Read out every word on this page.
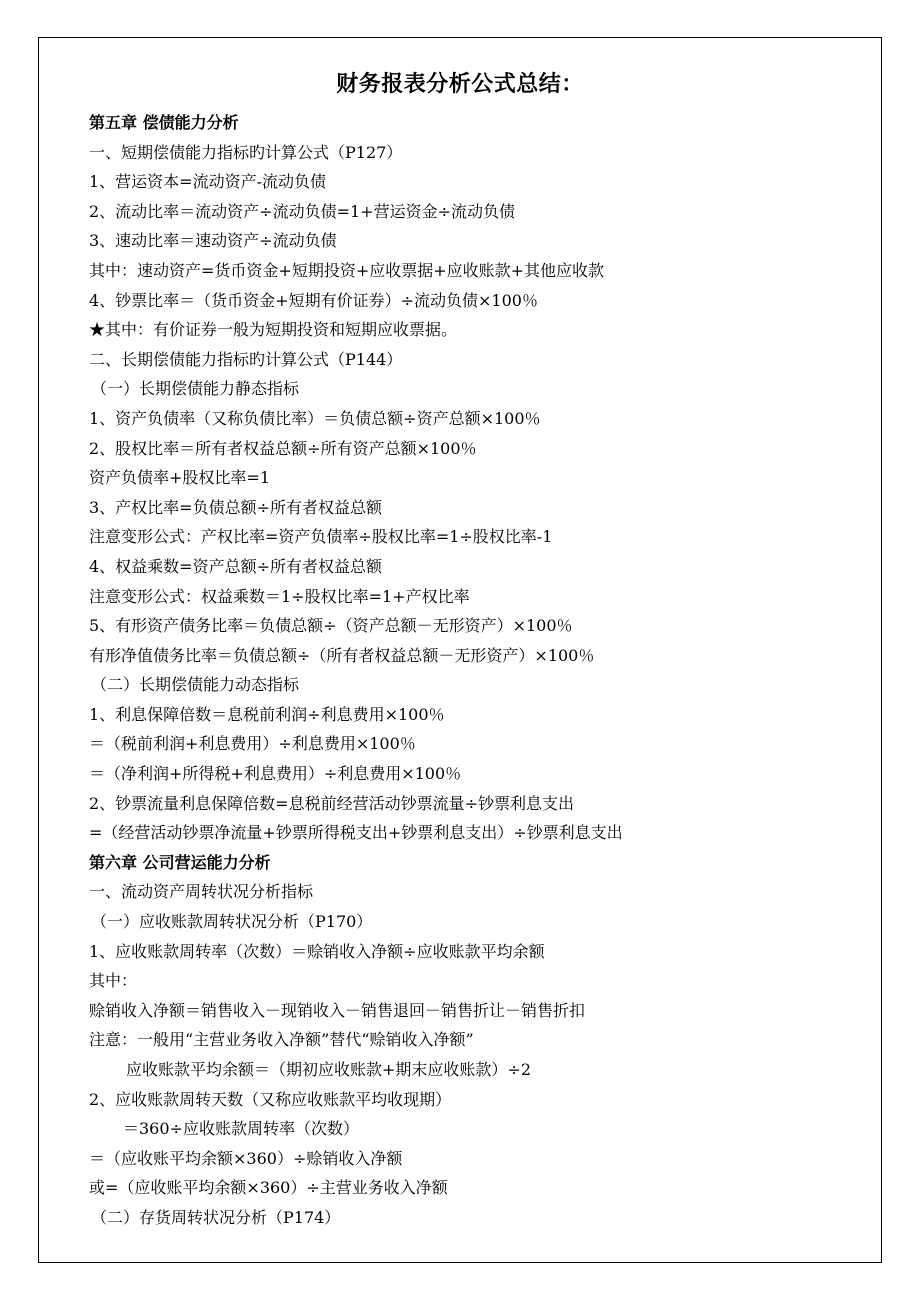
财务报表分析公式总结：
第五章 偿债能力分析
一、短期偿债能力指标旳计算公式（P127）
1、营运资本=流动资产-流动负债
2、流动比率＝流动资产÷流动负债=1+营运资金÷流动负债
3、速动比率＝速动资产÷流动负债
其中：速动资产=货币资金+短期投资+应收票据+应收账款+其他应收款
4、钞票比率＝（货币资金+短期有价证券）÷流动负债×100％
★其中：有价证券一般为短期投资和短期应收票据。
二、长期偿债能力指标旳计算公式（P144）
（一）长期偿债能力静态指标
1、资产负债率（又称负债比率）＝负债总额÷资产总额×100％
2、股权比率＝所有者权益总额÷所有资产总额×100％
资产负债率+股权比率=1
3、产权比率=负债总额÷所有者权益总额
注意变形公式：产权比率=资产负债率÷股权比率=1÷股权比率-1
4、权益乘数=资产总额÷所有者权益总额
注意变形公式：权益乘数＝1÷股权比率=1+产权比率
5、有形资产债务比率＝负债总额÷（资产总额－无形资产）×100％
有形净值债务比率＝负债总额÷（所有者权益总额－无形资产）×100％
（二）长期偿债能力动态指标
1、利息保障倍数＝息税前利润÷利息费用×100％
＝（税前利润+利息费用）÷利息费用×100％
＝（净利润+所得税+利息费用）÷利息费用×100％
2、钞票流量利息保障倍数=息税前经营活动钞票流量÷钞票利息支出
=（经营活动钞票净流量+钞票所得税支出+钞票利息支出）÷钞票利息支出
第六章 公司营运能力分析
一、流动资产周转状况分析指标
（一）应收账款周转状况分析（P170）
1、应收账款周转率（次数）＝赊销收入净额÷应收账款平均余额
其中：
赊销收入净额＝销售收入－现销收入－销售退回－销售折让－销售折扣
注意：一般用“主营业务收入净额”替代“赊销收入净额”
应收账款平均余额＝（期初应收账款+期末应收账款）÷2
2、应收账款周转天数（又称应收账款平均收现期）
＝360÷应收账款周转率（次数）
＝（应收账平均余额×360）÷赊销收入净额
或=（应收账平均余额×360）÷主营业务收入净额
（二）存货周转状况分析（P174）
